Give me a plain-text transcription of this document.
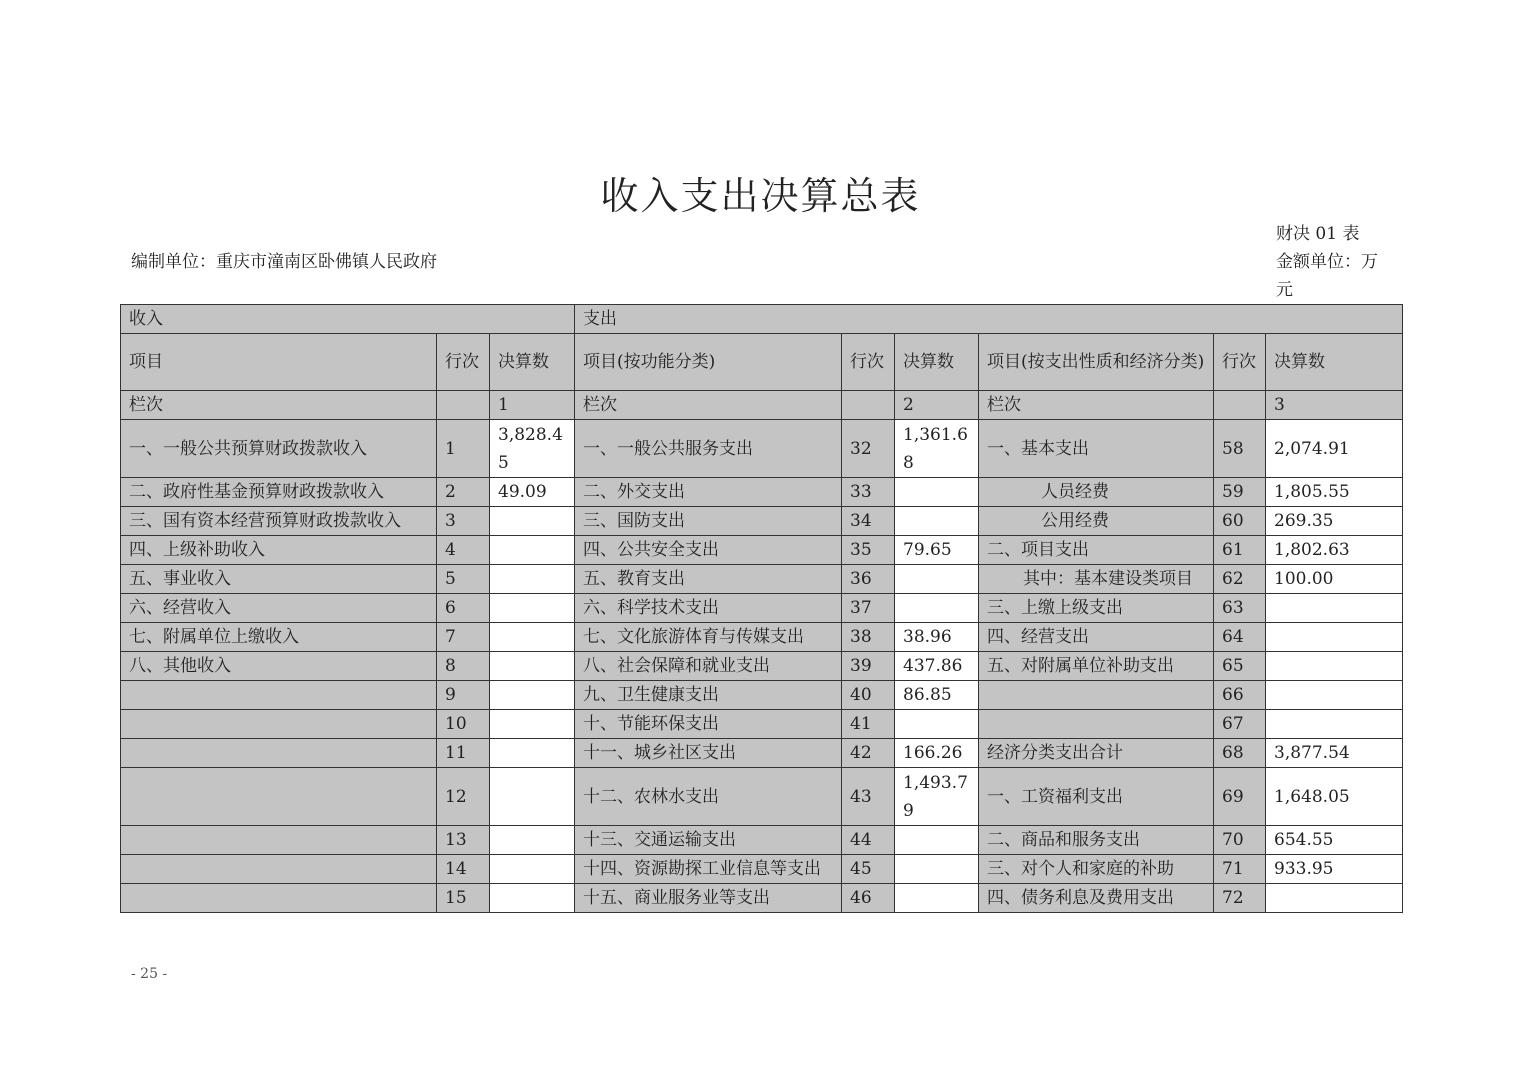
收入支出决算总表
编制单位：重庆市潼南区卧佛镇人民政府
财决 01 表
金额单位：万元
收入			支出					
项目	行次	决算数	项目(按功能分类)	行次	决算数	项目(按支出性质和经济分类)	行次	决算数
栏次		1	栏次		2	栏次		3
一、一般公共预算财政拨款收入	1	3,828.45	一、一般公共服务支出	32	1,361.68	一、基本支出	58	2,074.91
二、政府性基金预算财政拨款收入	2	49.09	二、外交支出	33		人员经费	59	1,805.55
三、国有资本经营预算财政拨款收入	3		三、国防支出	34		公用经费	60	269.35
四、上级补助收入	4		四、公共安全支出	35	79.65	二、项目支出	61	1,802.63
五、事业收入	5		五、教育支出	36		其中：基本建设类项目	62	100.00
六、经营收入	6		六、科学技术支出	37		三、上缴上级支出	63	
七、附属单位上缴收入	7		七、文化旅游体育与传媒支出	38	38.96	四、经营支出	64	
八、其他收入	8		八、社会保障和就业支出	39	437.86	五、对附属单位补助支出	65	
	9		九、卫生健康支出	40	86.85		66	
	10		十、节能环保支出	41			67	
	11		十一、城乡社区支出	42	166.26	经济分类支出合计	68	3,877.54
	12		十二、农林水支出	43	1,493.79	一、工资福利支出	69	1,648.05
	13		十三、交通运输支出	44		二、商品和服务支出	70	654.55
	14		十四、资源勘探工业信息等支出	45		三、对个人和家庭的补助	71	933.95
	15		十五、商业服务业等支出	46		四、债务利息及费用支出	72	
- 25 -
